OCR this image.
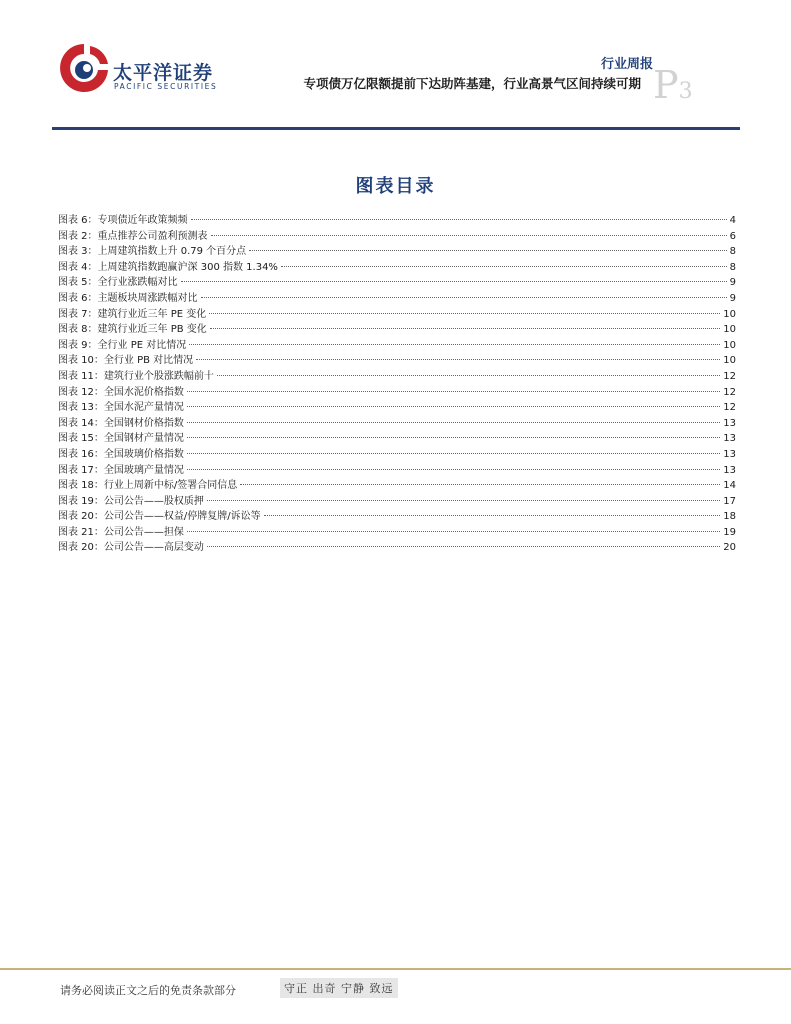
太平洋证券
PACIFIC SECURITIES
行业周报
专项债万亿限额提前下达助阵基建，行业高景气区间持续可期 P3
图表目录
图表 6：专项债近年政策频频	4
图表 2：重点推荐公司盈利预测表	6
图表 3：上周建筑指数上升 0.79 个百分点	8
图表 4：上周建筑指数跑赢沪深 300 指数 1.34%	8
图表 5：全行业涨跌幅对比	9
图表 6：主题板块周涨跌幅对比	9
图表 7：建筑行业近三年 PE 变化	10
图表 8：建筑行业近三年 PB 变化	10
图表 9：全行业 PE 对比情况	10
图表 10：全行业 PB 对比情况	10
图表 11：建筑行业个股涨跌幅前十	12
图表 12：全国水泥价格指数	12
图表 13：全国水泥产量情况	12
图表 14：全国钢材价格指数	13
图表 15：全国钢材产量情况	13
图表 16：全国玻璃价格指数	13
图表 17：全国玻璃产量情况	13
图表 18：行业上周新中标/签署合同信息	14
图表 19：公司公告——股权质押	17
图表 20：公司公告——权益/停牌复牌/诉讼等	18
图表 21：公司公告——担保	19
图表 20：公司公告——高层变动	20
请务必阅读正文之后的免责条款部分	守正 出奇 宁静 致远
